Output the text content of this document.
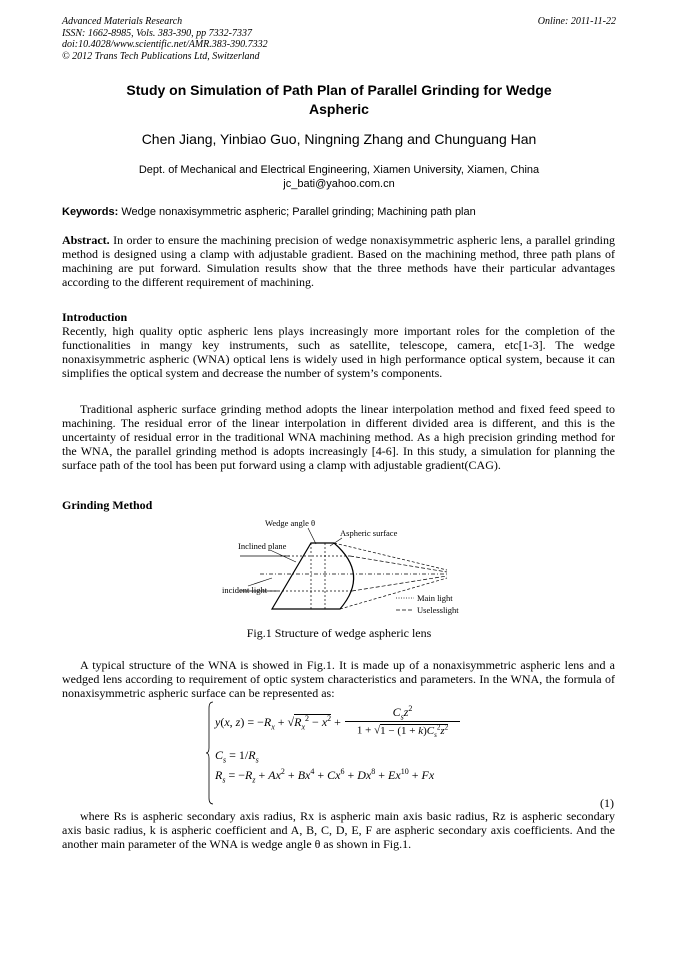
Advanced Materials Research
ISSN: 1662-8985, Vols. 383-390, pp 7332-7337
doi:10.4028/www.scientific.net/AMR.383-390.7332
© 2012 Trans Tech Publications Ltd, Switzerland
Online: 2011-11-22
Study on Simulation of Path Plan of Parallel Grinding for Wedge
Aspheric
Chen Jiang, Yinbiao Guo, Ningning Zhang and Chunguang Han
Dept. of Mechanical and Electrical Engineering, Xiamen University, Xiamen, China
jc_bati@yahoo.com.cn
Keywords: Wedge nonaxisymmetric aspheric; Parallel grinding; Machining path plan
Abstract. In order to ensure the machining precision of wedge nonaxisymmetric aspheric lens, a parallel grinding method is designed using a clamp with adjustable gradient. Based on the machining method, three path plans of machining are put forward. Simulation results show that the three methods have their particular advantages according to the different requirement of machining.
Introduction
Recently, high quality optic aspheric lens plays increasingly more important roles for the completion of the functionalities in mangy key instruments, such as satellite, telescope, camera, etc[1-3]. The wedge nonaxisymmetric aspheric (WNA) optical lens is widely used in high performance optical system, because it can simplifies the optical system and decrease the number of system’s components.
Traditional aspheric surface grinding method adopts the linear interpolation method and fixed feed speed to machining. The residual error of the linear interpolation in different divided area is different, and this is the uncertainty of residual error in the traditional WNA machining method. As a high precision grinding method for the WNA, the parallel grinding method is adopts increasingly [4-6]. In this study, a simulation for planning the surface path of the tool has been put forward using a clamp with adjustable gradient(CAG).
Grinding Method
Wedge angle θ
Aspheric surface
Inclined plane
incident light
Main light
Uselesslight
Fig.1 Structure of wedge aspheric lens
A typical structure of the WNA is showed in Fig.1. It is made up of a nonaxisymmetric aspheric lens and a wedged lens according to requirement of optic system characteristics and parameters. In the WNA, the formula of nonaxisymmetric aspheric surface can be represented as:
y(x, $z) = -R_x + √R_x^2 - x^2$ +
$C_sz^2$
$1 + √1 - (1 + k)C_s^2z^2$
$C_s = 1/R_s$
$R_s = -R_z + Ax^2 + Bx^4 + Cx^6 + Dx^8 + Ex^{10} + Fx$
(1)
where Rs is aspheric secondary axis radius, Rx is aspheric main axis basic radius, Rz is aspheric secondary axis basic radius, k is aspheric coefficient and A, B, C, D, E, F are aspheric secondary axis coefficients. And the another main parameter of the WNA is wedge angle θ as shown in Fig.1.
